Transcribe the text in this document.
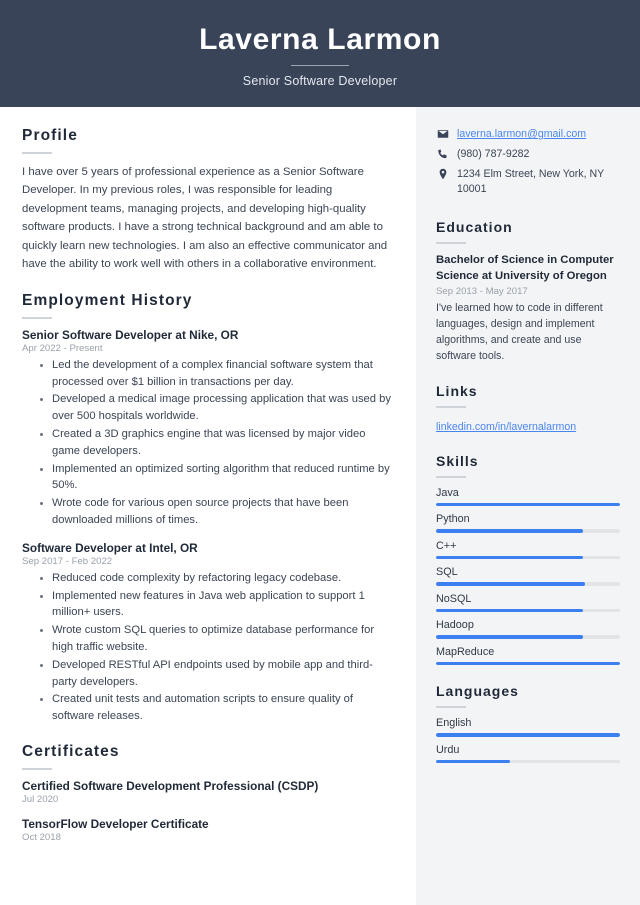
Laverna Larmon
Senior Software Developer
Profile
I have over 5 years of professional experience as a Senior Software Developer. In my previous roles, I was responsible for leading development teams, managing projects, and developing high-quality software products. I have a strong technical background and am able to quickly learn new technologies. I am also an effective communicator and have the ability to work well with others in a collaborative environment.
Employment History
Senior Software Developer at Nike, OR
Apr 2022 - Present
Led the development of a complex financial software system that processed over $1 billion in transactions per day.
Developed a medical image processing application that was used by over 500 hospitals worldwide.
Created a 3D graphics engine that was licensed by major video game developers.
Implemented an optimized sorting algorithm that reduced runtime by 50%.
Wrote code for various open source projects that have been downloaded millions of times.
Software Developer at Intel, OR
Sep 2017 - Feb 2022
Reduced code complexity by refactoring legacy codebase.
Implemented new features in Java web application to support 1 million+ users.
Wrote custom SQL queries to optimize database performance for high traffic website.
Developed RESTful API endpoints used by mobile app and third-party developers.
Created unit tests and automation scripts to ensure quality of software releases.
Certificates
Certified Software Development Professional (CSDP)
Jul 2020
TensorFlow Developer Certificate
Oct 2018
laverna.larmon@gmail.com
(980) 787-9282
1234 Elm Street, New York, NY 10001
Education
Bachelor of Science in Computer Science at University of Oregon
Sep 2013 - May 2017
I've learned how to code in different languages, design and implement algorithms, and create and use software tools.
Links
linkedin.com/in/lavernalarmon
Skills
Java
Python
C++
SQL
NoSQL
Hadoop
MapReduce
Languages
English
Urdu
